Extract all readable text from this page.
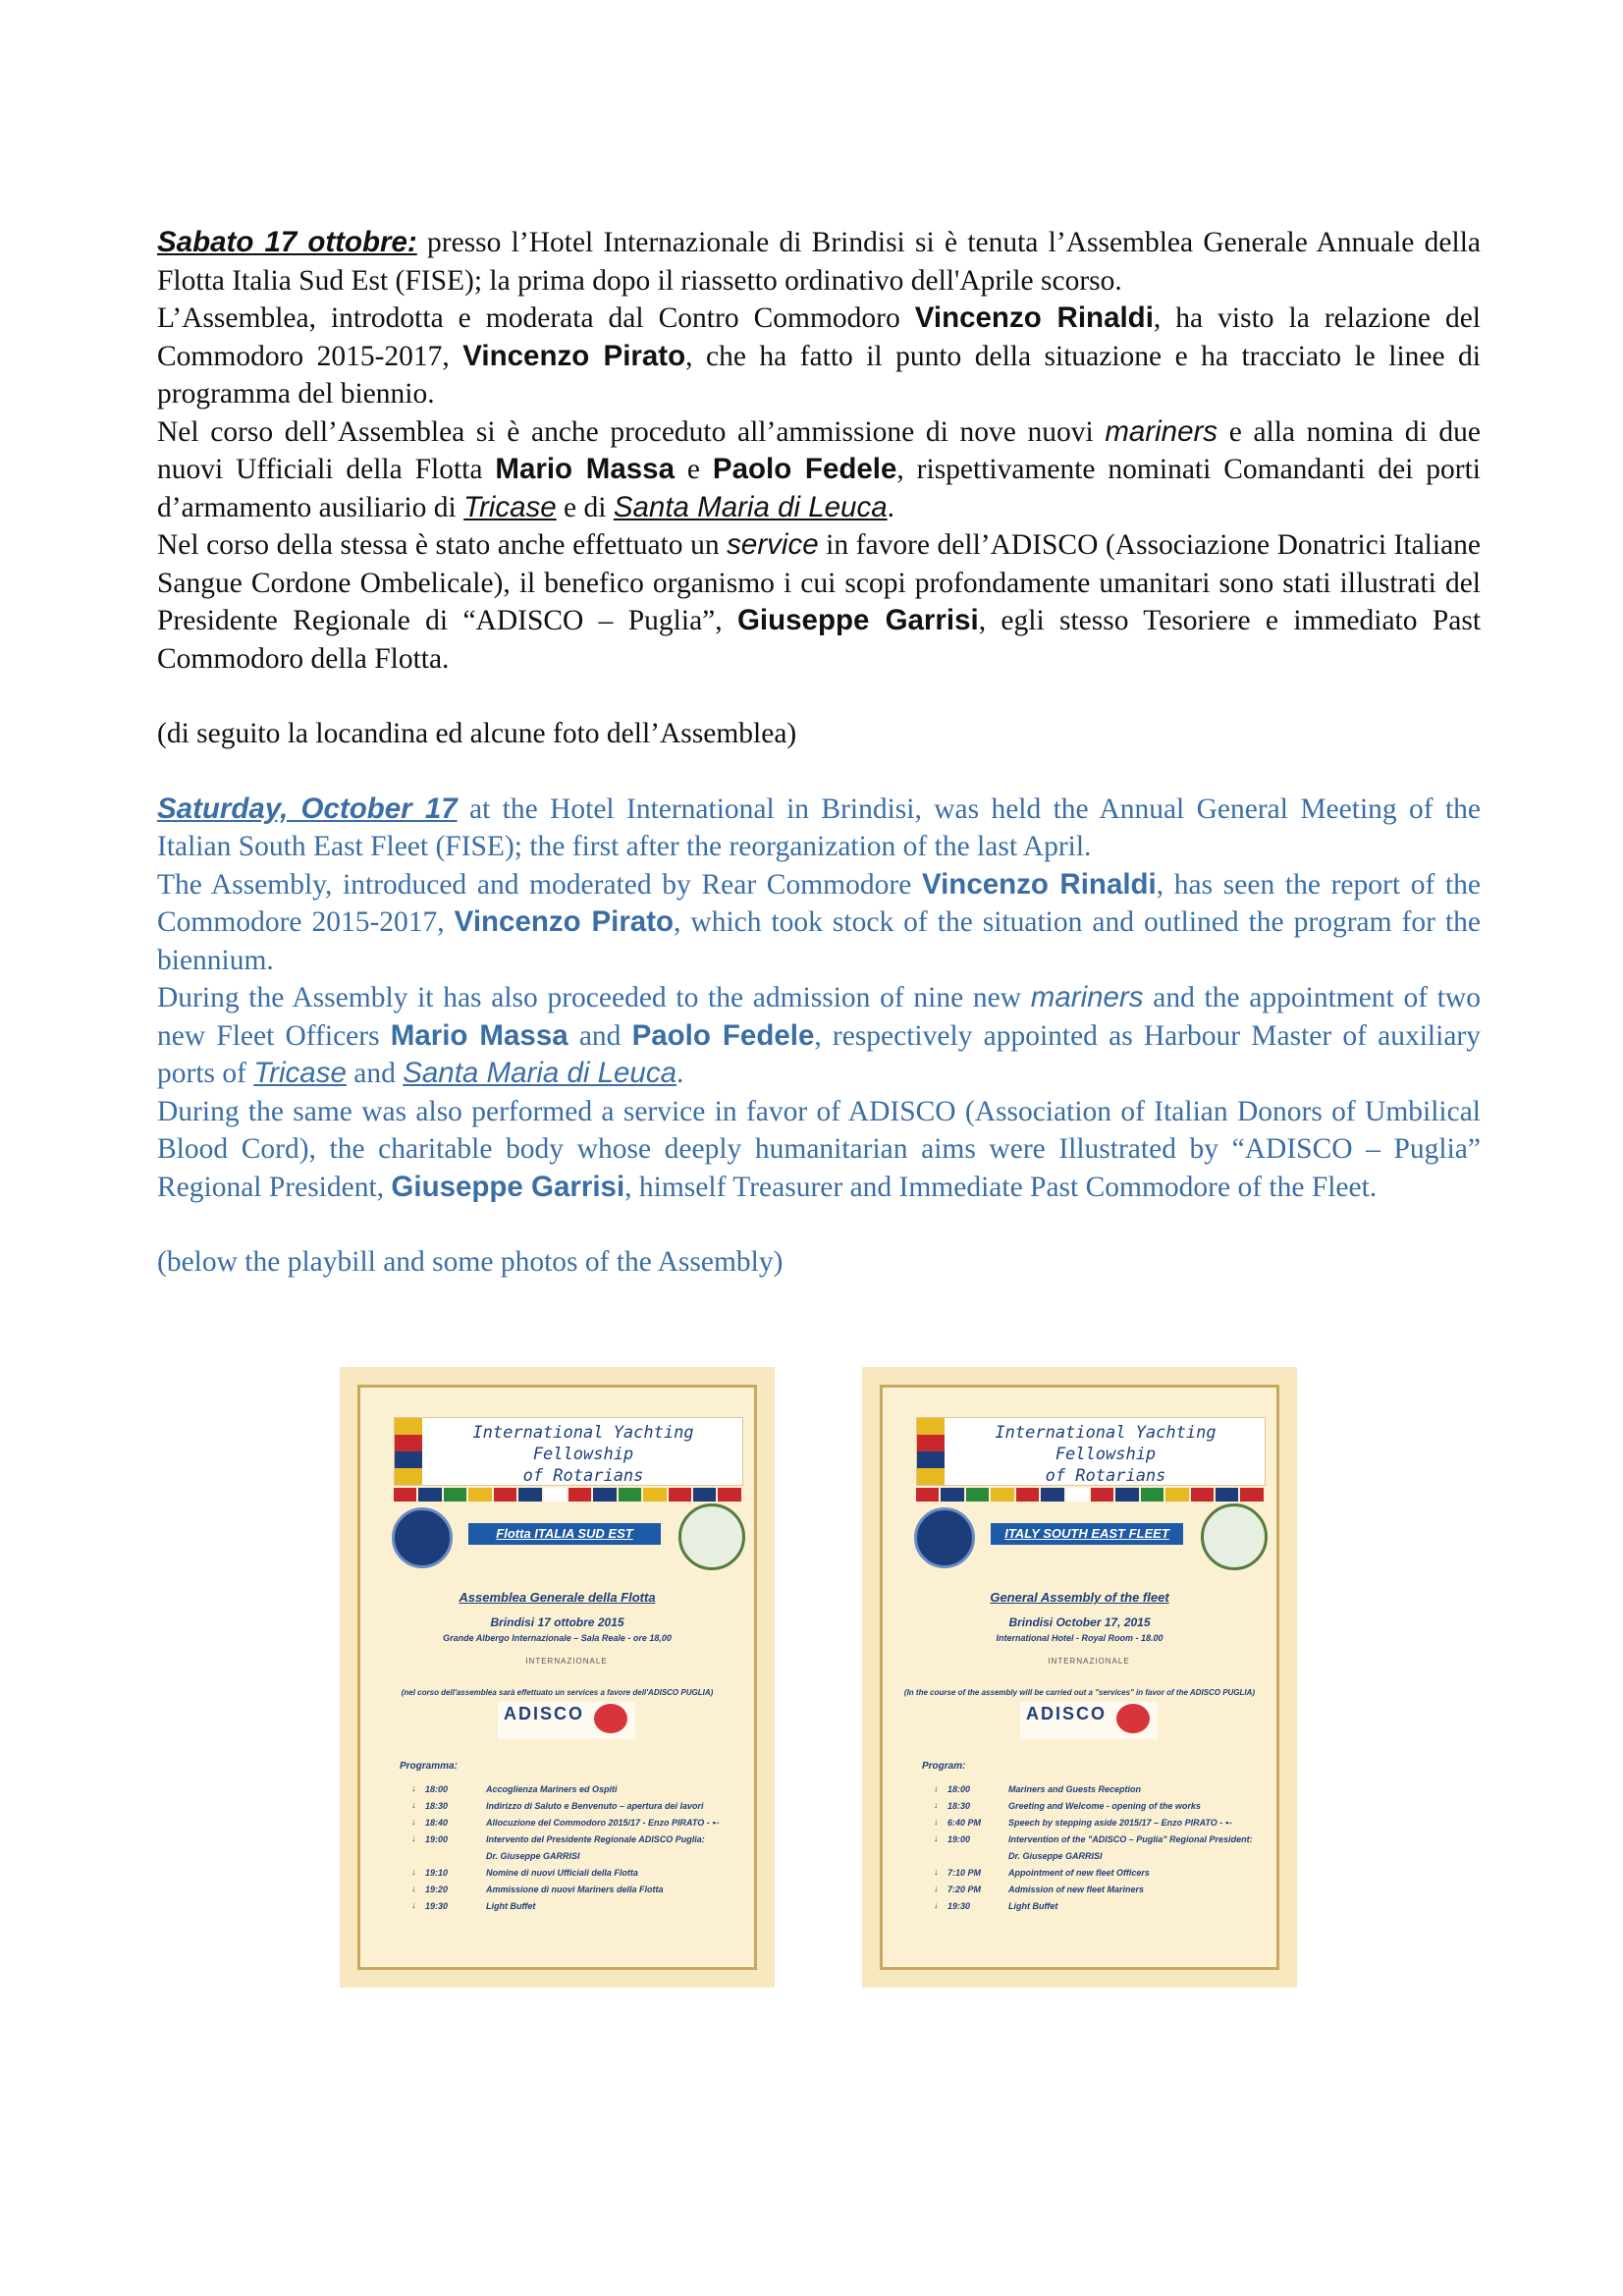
Sabato 17 ottobre: presso l’Hotel Internazionale di Brindisi si è tenuta l’Assemblea Generale Annuale della Flotta Italia Sud Est (FISE); la prima dopo il riassetto ordinativo dell'Aprile scorso.
L’Assemblea, introdotta e moderata dal Contro Commodoro Vincenzo Rinaldi, ha visto la relazione del Commodoro 2015-2017, Vincenzo Pirato, che ha fatto il punto della situazione e ha tracciato le linee di programma del biennio.
Nel corso dell’Assemblea si è anche proceduto all’ammissione di nove nuovi mariners e alla nomina di due nuovi Ufficiali della Flotta Mario Massa e Paolo Fedele, rispettivamente nominati Comandanti dei porti d’armamento ausiliario di Tricase e di Santa Maria di Leuca.
Nel corso della stessa è stato anche effettuato un service in favore dell’ADISCO (Associazione Donatrici Italiane Sangue Cordone Ombelicale), il benefico organismo i cui scopi profondamente umanitari sono stati illustrati del Presidente Regionale di “ADISCO – Puglia”, Giuseppe Garrisi, egli stesso Tesoriere e immediato Past Commodoro della Flotta.

(di seguito la locandina ed alcune foto dell’Assemblea)

Saturday, October 17 at the Hotel International in Brindisi, was held the Annual General Meeting of the Italian South East Fleet (FISE); the first after the reorganization of the last April.
The Assembly, introduced and moderated by Rear Commodore Vincenzo Rinaldi, has seen the report of the Commodore 2015-2017, Vincenzo Pirato, which took stock of the situation and outlined the program for the biennium.
During the Assembly it has also proceeded to the admission of nine new mariners and the appointment of two new Fleet Officers Mario Massa and Paolo Fedele, respectively appointed as Harbour Master of auxiliary ports of Tricase and Santa Maria di Leuca.
During the same was also performed a service in favor of ADISCO (Association of Italian Donors of Umbilical Blood Cord), the charitable body whose deeply humanitarian aims were Illustrated by “ADISCO – Puglia” Regional President, Giuseppe Garrisi, himself Treasurer and Immediate Past Commodore of the Fleet.

(below the playbill and some photos of the Assembly)

International Yachting Fellowship
of Rotarians
Flotta ITALIA SUD EST
Assemblea Generale della Flotta
Brindisi 17 ottobre 2015
Grande Albergo Internazionale – Sala Reale - ore 18,00
INTERNAZIONALE
(nel corso dell'assemblea sarà effettuato un services a favore dell'ADISCO PUGLIA)
ADISCO
Programma:
↓ 18:00	Accoglienza Mariners ed Ospiti
↓ 18:30	Indirizzo di Saluto e Benvenuto – apertura dei lavori
↓ 18:40	Allocuzione del Commodoro 2015/17 - Enzo PIRATO - ➸
↓ 19:00	Intervento del Presidente Regionale ADISCO Puglia:
Dr. Giuseppe GARRISI
↓ 19:10	Nomine di nuovi Ufficiali della Flotta
↓ 19:20	Ammissione di nuovi Mariners della Flotta
↓ 19:30	Light Buffet
International Yachting Fellowship
of Rotarians
ITALY SOUTH EAST FLEET
General Assembly of the fleet
Brindisi October 17, 2015
International Hotel - Royal Room - 18.00
INTERNAZIONALE
(In the course of the assembly will be carried out a "services" in favor of the ADISCO PUGLIA)
ADISCO
Program:
↓ 18:00	Mariners and Guests Reception
↓ 18:30	Greeting and Welcome - opening of the works
↓ 6:40 PM	Speech by stepping aside 2015/17 – Enzo PIRATO - ➸
↓ 19:00	Intervention of the "ADISCO – Puglia" Regional President:
Dr. Giuseppe GARRISI
↓ 7:10 PM	Appointment of new fleet Officers
↓ 7:20 PM	Admission of new fleet Mariners
↓ 19:30	Light Buffet
